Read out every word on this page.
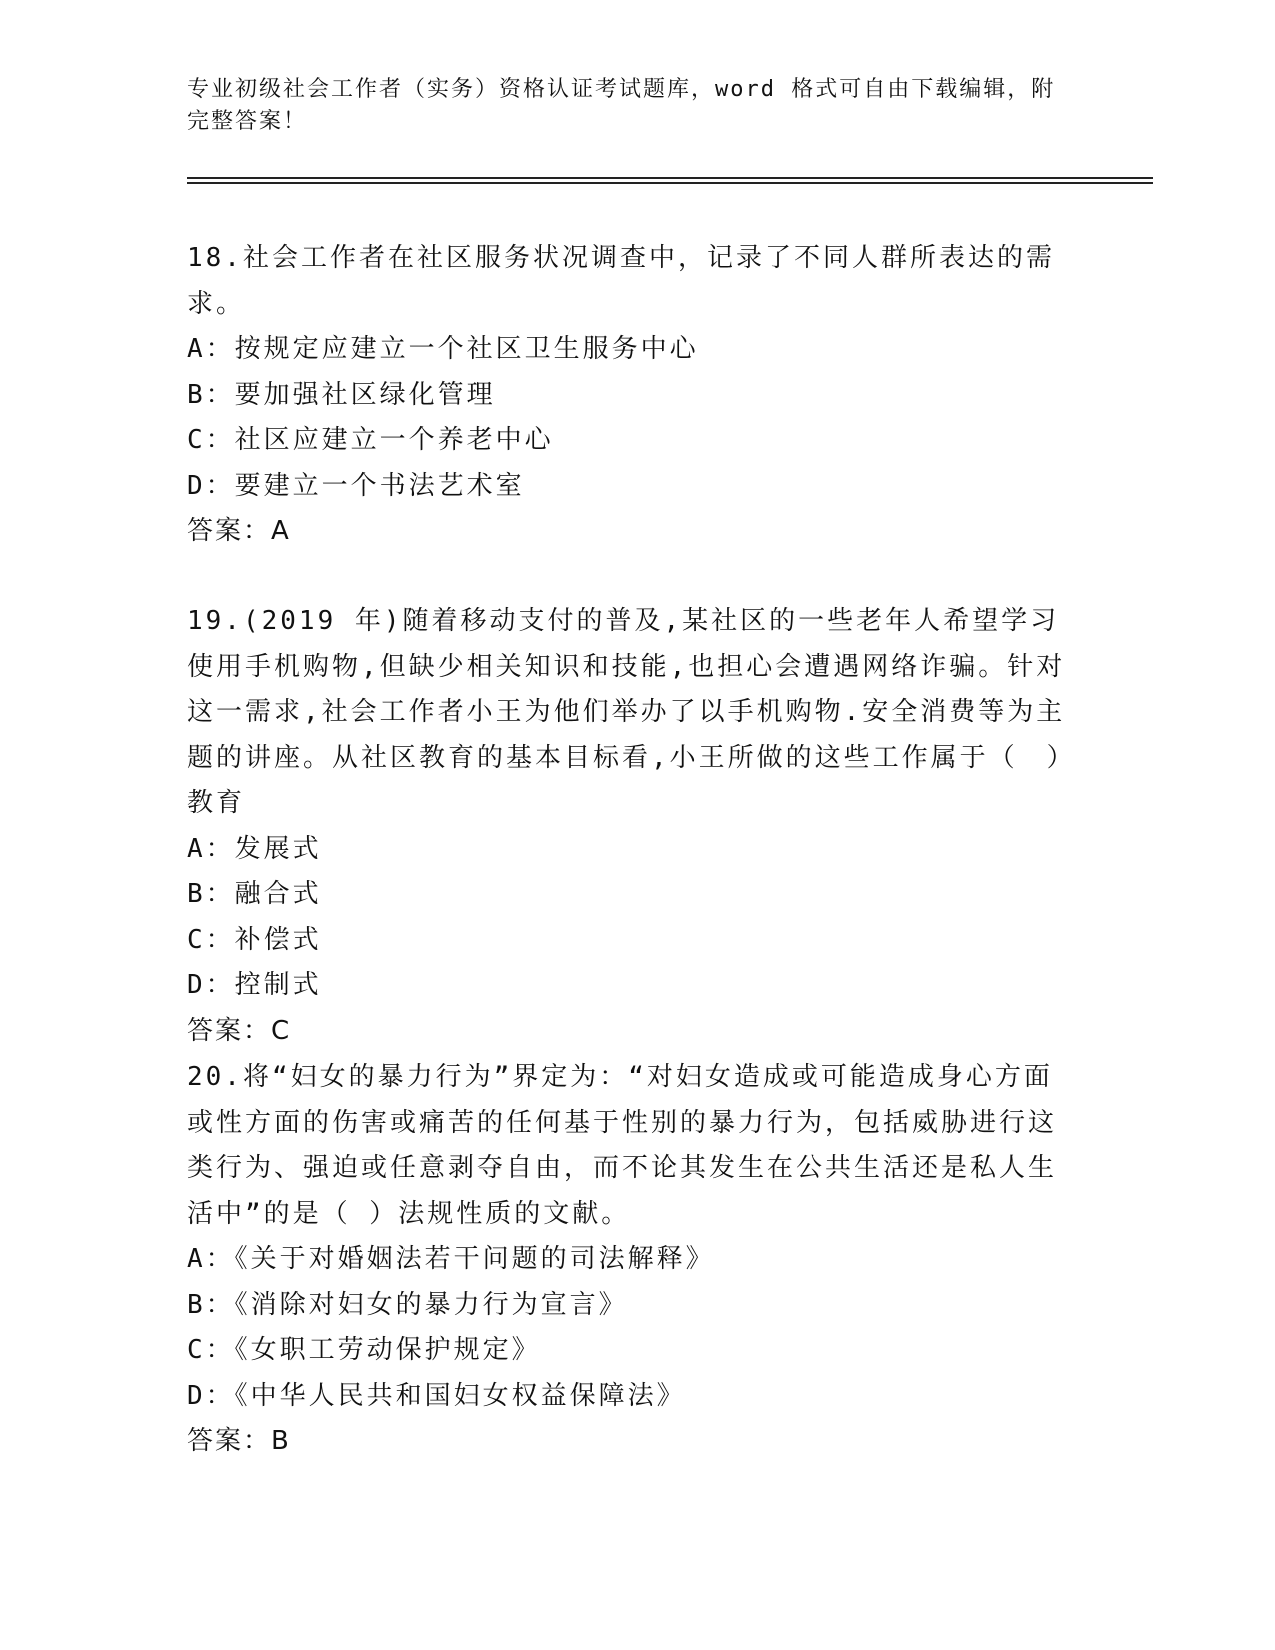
专业初级社会工作者（实务）资格认证考试题库，word 格式可自由下载编辑，附完整答案！
18.社会工作者在社区服务状况调查中，记录了不同人群所表达的需求。
A：按规定应建立一个社区卫生服务中心
B：要加强社区绿化管理
C：社区应建立一个养老中心
D：要建立一个书法艺术室
答案：A
19.(2019 年)随着移动支付的普及,某社区的一些老年人希望学习使用手机购物,但缺少相关知识和技能,也担心会遭遇网络诈骗。针对这一需求,社会工作者小王为他们举办了以手机购物.安全消费等为主题的讲座。从社区教育的基本目标看,小王所做的这些工作属于（　）教育
A：发展式
B：融合式
C：补偿式
D：控制式
答案：C
20.将“妇女的暴力行为”界定为：“对妇女造成或可能造成身心方面或性方面的伤害或痛苦的任何基于性别的暴力行为，包括威胁进行这类行为、强迫或任意剥夺自由，而不论其发生在公共生活还是私人生活中”的是（ ）法规性质的文献。
A：《关于对婚姻法若干问题的司法解释》
B：《消除对妇女的暴力行为宣言》
C：《女职工劳动保护规定》
D：《中华人民共和国妇女权益保障法》
答案：B
